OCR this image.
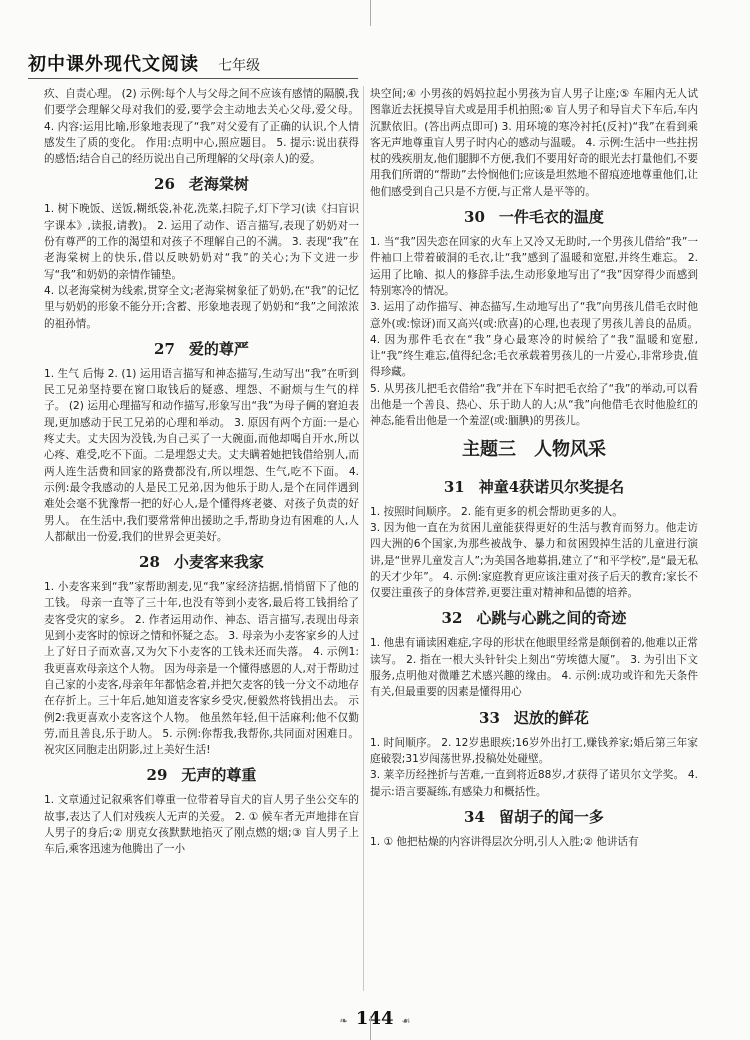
初中课外现代文阅读 七年级

疚、自责心理。 (2) 示例:每个人与父母之间不应该有感情的隔膜,我们要学会理解父母对我们的爱,要学会主动地去关心父母,爱父母。 4. 内容:运用比喻,形象地表现了“我”对父爱有了正确的认识,个人情感发生了质的变化。 作用:点明中心,照应题目。 5. 提示:说出获得的感悟;结合自己的经历说出自己所理解的父母(亲人)的爱。

26 老海棠树

1. 树下晚饭、送饭,糊纸袋,补花,洗菜,扫院子,灯下学习(读《扫盲识字课本》,读报,请教)。 2. 运用了动作、语言描写,表现了奶奶对一份有尊严的工作的渴望和对孩子不理解自己的不满。 3. 表现“我”在老海棠树上的快乐,借以反映奶奶对“我”的关心;为下文进一步写“我”和奶奶的亲情作铺垫。

4. 以老海棠树为线索,贯穿全文;老海棠树象征了奶奶,在“我”的记忆里与奶奶的形象不能分开;含蓄、形象地表现了奶奶和“我”之间浓浓的祖孙情。

27 爱的尊严

1. 生气 后悔 2. (1) 运用语言描写和神态描写,生动写出“我”在听到民工兄弟坚持要在窗口取钱后的疑惑、埋怨、不耐烦与生气的样子。 (2) 运用心理描写和动作描写,形象写出“我”为母子俩的窘迫表现,更加感动于民工兄弟的心理和举动。 3. 原因有两个方面:一是心疼丈夫。丈夫因为没钱,为自己买了一大碗面,而他却喝自开水,所以心疼、难受,吃不下面。二是埋怨丈夫。丈夫瞒着她把钱借给别人,而两人连生活费和回家的路费都没有,所以埋怨、生气,吃不下面。 4. 示例:最令我感动的人是民工兄弟,因为他乐于助人,是个在同伴遇到难处会毫不犹豫帮一把的好心人,是个懂得疼老婆、对孩子负责的好男人。 在生活中,我们要常常伸出援助之手,帮助身边有困难的人,人人都献出一份爱,我们的世界会更美好。

28 小麦客来我家

1. 小麦客来到“我”家帮助割麦,见“我”家经济拮据,悄悄留下了他的工钱。 母亲一直等了三十年,也没有等到小麦客,最后将工钱捐给了麦客受灾的家乡。 2. 作者运用动作、神态、语言描写,表现出母亲见到小麦客时的惊讶之情和怀疑之态。 3. 母亲为小麦客家乡的人过上了好日子而欢喜,又为欠下小麦客的工钱未还而失落。 4. 示例1:我更喜欢母亲这个人物。 因为母亲是一个懂得感恩的人,对于帮助过自己家的小麦客,母亲年年都惦念着,并把欠麦客的钱一分文不动地存在存折上。三十年后,她知道麦客家乡受灾,便毅然将钱捐出去。 示例2:我更喜欢小麦客这个人物。 他虽然年轻,但干活麻利;他不仅勤劳,而且善良,乐于助人。 5. 示例:你帮我,我帮你,共同面对困难日。祝灾区同胞走出阴影,过上美好生活!

29 无声的尊重

1. 文章通过记叙乘客们尊重一位带着导盲犬的盲人男子坐公交车的故事,表达了人们对残疾人无声的关爱。 2. ① 候车者无声地排在盲人男子的身后;② 朋克女孩默默地掐灭了刚点燃的烟;③ 盲人男子上车后,乘客迅速为他腾出了一小

块空间;④ 小男孩的妈妈拉起小男孩为盲人男子让座;⑤ 车厢内无人试图靠近去抚摸导盲犬或是用手机拍照;⑥ 盲人男子和导盲犬下车后,车内沉默依旧。(答出两点即可) 3. 用环境的寒冷衬托(反衬)“我”在看到乘客无声地尊重盲人男子时内心的感动与温暖。 4. 示例:生活中一些拄拐杖的残疾朋友,他们腿脚不方便,我们不要用好奇的眼光去打量他们,不要用我们所谓的“帮助”去怜悯他们;应该是坦然地不留痕迹地尊重他们,让他们感受到自己只是不方便,与正常人是平等的。

30 一件毛衣的温度

1. 当“我”因失恋在回家的火车上又冷又无助时,一个男孩儿借给“我”一件袖口上带着破洞的毛衣,让“我”感到了温暖和宽慰,并终生难忘。 2. 运用了比喻、拟人的修辞手法,生动形象地写出了“我”因穿得少而感到特别寒冷的情况。

3. 运用了动作描写、神态描写,生动地写出了“我”向男孩儿借毛衣时他意外(或:惊讶)而又高兴(或:欣喜)的心理,也表现了男孩儿善良的品质。 4. 因为那件毛衣在“我”身心最寒冷的时候给了“我”温暖和宽慰,让“我”终生难忘,值得纪念;毛衣承载着男孩儿的一片爱心,非常珍贵,值得珍藏。

5. 从男孩儿把毛衣借给“我”并在下车时把毛衣给了“我”的举动,可以看出他是一个善良、热心、乐于助人的人;从“我”向他借毛衣时他脸红的神态,能看出他是一个羞涩(或:腼腆)的男孩儿。

主题三 人物风采
31 神童4获诺贝尔奖提名

1. 按照时间顺序。 2. 能有更多的机会帮助更多的人。

3. 因为他一直在为贫困儿童能获得更好的生活与教育而努力。他走访四大洲的6个国家,为那些被战争、暴力和贫困毁掉生活的儿童进行演讲,是“世界儿童发言人”;为美国各地募捐,建立了“和平学校”,是“最无私的天才少年”。 4. 示例:家庭教育更应该注重对孩子后天的教育;家长不仅要注重孩子的身体营养,更要注重对精神和品德的培养。

32 心跳与心跳之间的奇迹

1. 他患有诵读困难症,字母的形状在他眼里经常是颠倒着的,他难以正常读写。 2. 指在一根大头针针尖上刻出“劳埃德大厦”。 3. 为引出下文服务,点明他对微雕艺术感兴趣的缘由。 4. 示例:成功或许和先天条件有关,但最重要的因素是懂得用心

33 迟放的鲜花

1. 时间顺序。 2. 12岁患眼疾;16岁外出打工,赚钱养家;婚后第三年家庭破裂;31岁闯荡世界,投稿处处碰壁。

3. 莱辛历经挫折与苦难,一直到将近88岁,才获得了诺贝尔文学奖。 4. 提示:语言要凝练,有感染力和概括性。

34 留胡子的闻一多

1. ① 他把枯燥的内容讲得层次分明,引人入胜;② 他讲话有

❧ 144 ☙
